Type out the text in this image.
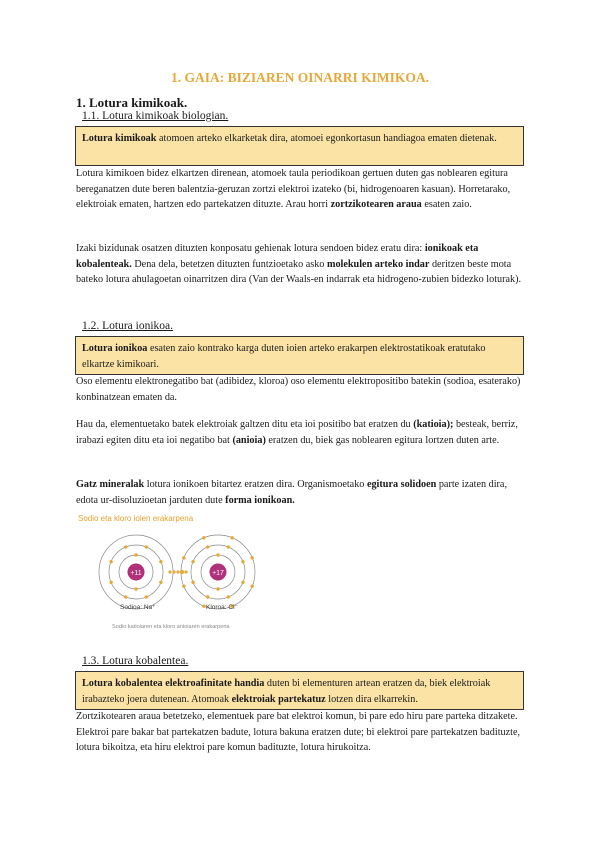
1. GAIA: BIZIAREN OINARRI KIMIKOA.
1. Lotura kimikoak.
1.1. Lotura kimikoak biologian.
Lotura kimikoak atomoen arteko elkarketak dira, atomoei egonkortasun handiagoa ematen dietenak.
Lotura kimikoen bidez elkartzen direnean, atomoek taula periodikoan gertuen duten gas noblearen egitura bereganatzen dute beren balentzia-geruzan zortzi elektroi izateko (bi, hidrogenoaren kasuan). Horretarako, elektroiak ematen, hartzen edo partekatzen dituzte. Arau horri zortzikotearen araua esaten zaio.
Izaki bizidunak osatzen dituzten konposatu gehienak lotura sendoen bidez eratu dira: ionikoak eta kobalenteak. Dena dela, betetzen dituzten funtzioetako asko molekulen arteko indar deritzen beste mota bateko lotura ahulagoetan oinarritzen dira (Van der Waals-en indarrak eta hidrogeno-zubien bidezko loturak).
1.2. Lotura ionikoa.
Lotura ionikoa esaten zaio kontrako karga duten ioien arteko erakarpen elektrostatikoak eratutako elkartze kimikoari.
Oso elementu elektronegatibo bat (adibidez, kloroa) oso elementu elektropositibo batekin (sodioa, esaterako) konbinatzean ematen da.
Hau da, elementuetako batek elektroiak galtzen ditu eta ioi positibo bat eratzen du (katioia); besteak, berriz, irabazi egiten ditu eta ioi negatibo bat (anioia) eratzen du, biek gas noblearen egitura lortzen duten arte.
Gatz mineralak lotura ionikoen bitartez eratzen dira. Organismoetako egitura solidoen parte izaten dira, edota ur-disoluzioetan jarduten dute forma ionikoan.
Sodio eta kloro ioien erakarpena
+11	+17
Sodioa: Na⁺	Kloroa: Cl⁻
Sodio katioiaren eta kloro anioiaren erakarpena
1.3. Lotura kobalentea.
Lotura kobalentea elektroafinitate handia duten bi elementuren artean eratzen da, biek elektroiak irabazteko joera dutenean. Atomoak elektroiak partekatuz lotzen dira elkarrekin.
Zortzikotearen araua betetzeko, elementuek pare bat elektroi komun, bi pare edo hiru pare parteka ditzakete. Elektroi pare bakar bat partekatzen badute, lotura bakuna eratzen dute; bi elektroi pare partekatzen badituzte, lotura bikoitza, eta hiru elektroi pare komun badituzte, lotura hirukoitza.
